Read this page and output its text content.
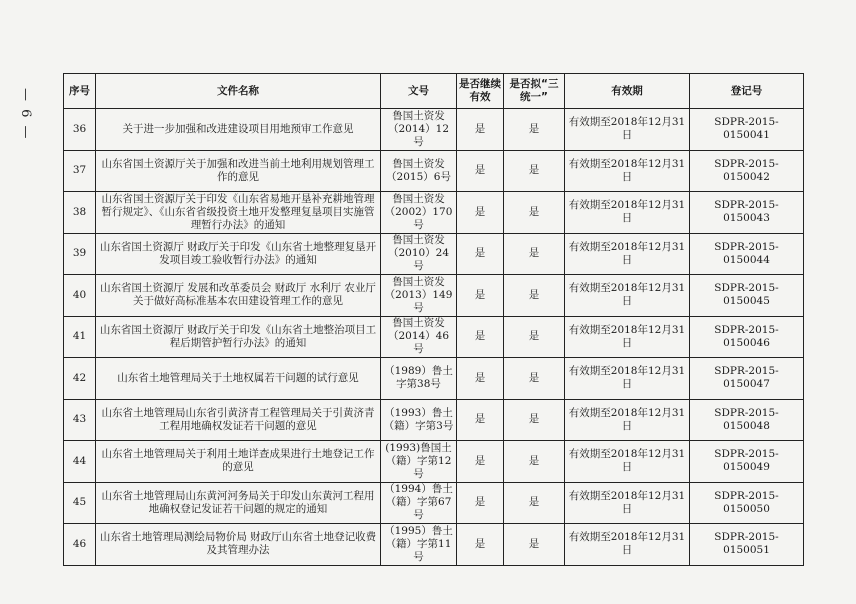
— 6 —	序号	文件名称	文号	是否继续有效	是否拟“三统一”	有效期	登记号
36	关于进一步加强和改进建设项目用地预审工作意见	鲁国土资发（2014）12号	是	是	有效期至2018年12月31日	SDPR-2015-0150041
37	山东省国土资源厅关于加强和改进当前土地利用规划管理工作的意见	鲁国土资发（2015）6号	是	是	有效期至2018年12月31日	SDPR-2015-0150042
38	山东省国土资源厅关于印发《山东省易地开垦补充耕地管理暂行规定》、《山东省省级投资土地开发整理复垦项目实施管理暂行办法》的通知	鲁国土资发（2002）170号	是	是	有效期至2018年12月31日	SDPR-2015-0150043
39	山东省国土资源厅 财政厅关于印发《山东省土地整理复垦开发项目竣工验收暂行办法》的通知	鲁国土资发（2010）24号	是	是	有效期至2018年12月31日	SDPR-2015-0150044
40	山东省国土资源厅 发展和改革委员会 财政厅 水利厅 农业厅关于做好高标准基本农田建设管理工作的意见	鲁国土资发（2013）149号	是	是	有效期至2018年12月31日	SDPR-2015-0150045
41	山东省国土资源厅 财政厅关于印发《山东省土地整治项目工程后期管护暂行办法》的通知	鲁国土资发（2014）46号	是	是	有效期至2018年12月31日	SDPR-2015-0150046
42	山东省土地管理局关于土地权属若干问题的试行意见	（1989）鲁土字第38号	是	是	有效期至2018年12月31日	SDPR-2015-0150047
43	山东省土地管理局山东省引黄济青工程管理局关于引黄济青工程用地确权发证若干问题的意见	（1993）鲁土（籍）字第3号	是	是	有效期至2018年12月31日	SDPR-2015-0150048
44	山东省土地管理局关于利用土地详查成果进行土地登记工作的意见	(1993)鲁国土（籍）字第12号	是	是	有效期至2018年12月31日	SDPR-2015-0150049
45	山东省土地管理局山东黄河河务局关于印发山东黄河工程用地确权登记发证若干问题的规定的通知	（1994）鲁土（籍）字第67号	是	是	有效期至2018年12月31日	SDPR-2015-0150050
46	山东省土地管理局测绘局物价局 财政厅山东省土地登记收费及其管理办法	（1995）鲁土（籍）字第11号	是	是	有效期至2018年12月31日	SDPR-2015-0150051
